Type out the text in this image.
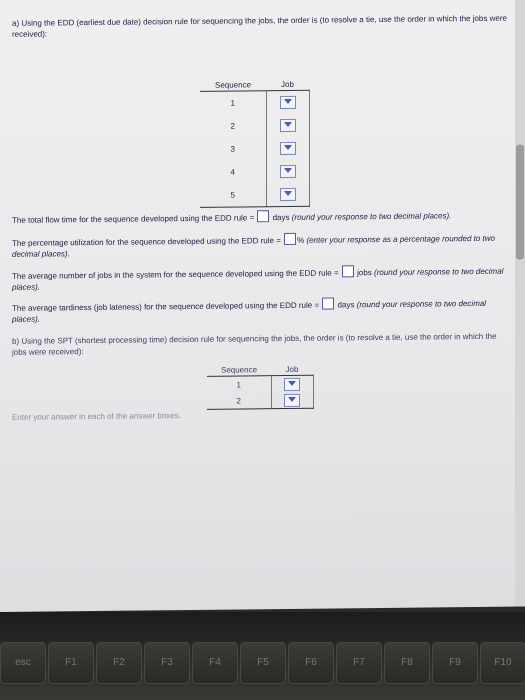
a) Using the EDD (earliest due date) decision rule for sequencing the jobs, the order is (to resolve a tie, use the order in which the jobs were received):
Sequence	Job
1	

2	

3	

4	

5	
The total flow time for the sequence developed using the EDD rule = days (round your response to two decimal places).
The percentage utilization for the sequence developed using the EDD rule = % (enter your response as a percentage rounded to two decimal places).
The average number of jobs in the system for the sequence developed using the EDD rule = jobs (round your response to two decimal places).
The average tardiness (job lateness) for the sequence developed using the EDD rule = days (round your response to two decimal places).
b) Using the SPT (shortest processing time) decision rule for sequencing the jobs, the order is (to resolve a tie, use the order in which the jobs were received):
Sequence	Job
1	

2	
Enter your answer in each of the answer boxes.
esc	F1	F2	F3	F4	F5	F6	F7	F8	F9	F10
